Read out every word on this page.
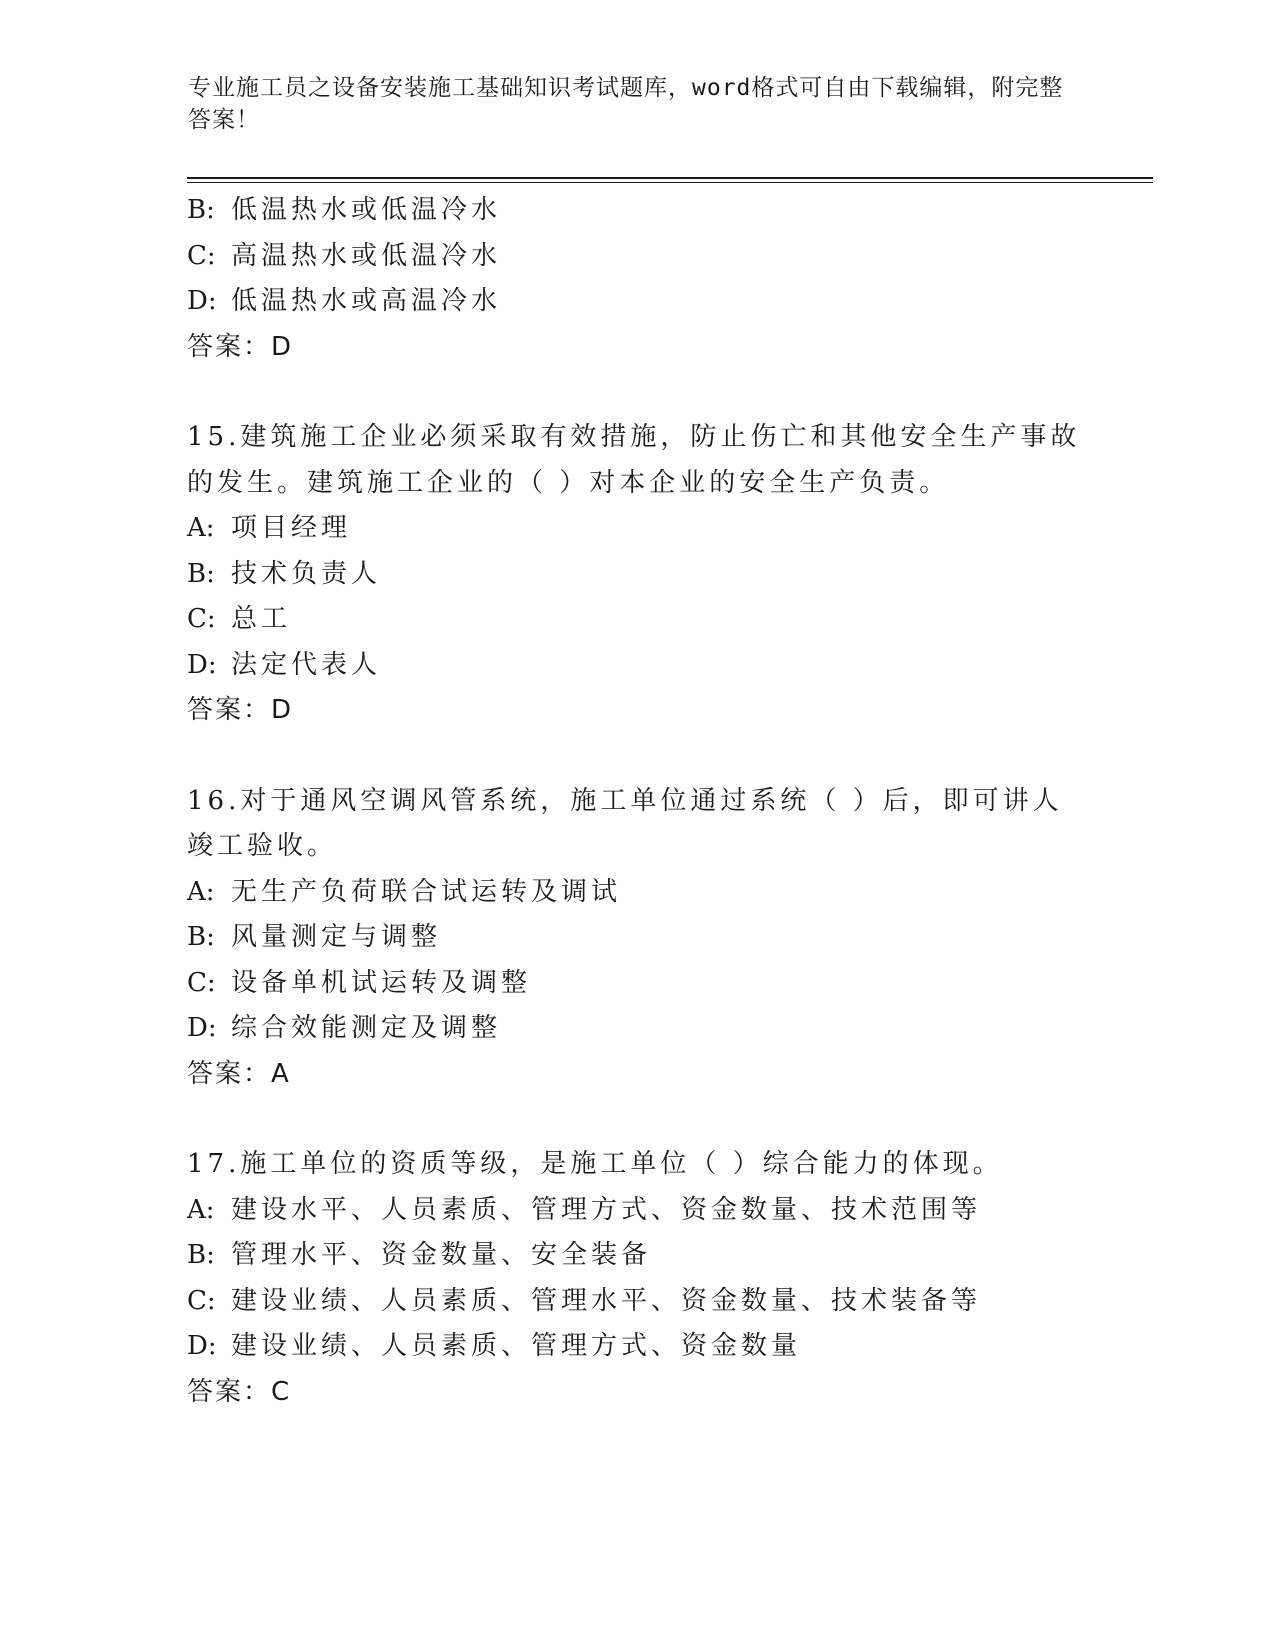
专业施工员之设备安装施工基础知识考试题库，word格式可自由下载编辑，附完整答案！
B: 低温热水或低温冷水
C: 高温热水或低温冷水
D: 低温热水或高温冷水
答案：D
15.建筑施工企业必须采取有效措施，防止伤亡和其他安全生产事故的发生。建筑施工企业的（ ）对本企业的安全生产负责。
A: 项目经理
B: 技术负责人
C: 总工
D: 法定代表人
答案：D
16.对于通风空调风管系统，施工单位通过系统（ ）后，即可讲人竣工验收。
A: 无生产负荷联合试运转及调试
B: 风量测定与调整
C: 设备单机试运转及调整
D: 综合效能测定及调整
答案：A
17.施工单位的资质等级，是施工单位（ ）综合能力的体现。
A: 建设水平、人员素质、管理方式、资金数量、技术范围等
B: 管理水平、资金数量、安全装备
C: 建设业绩、人员素质、管理水平、资金数量、技术装备等
D: 建设业绩、人员素质、管理方式、资金数量
答案：C
